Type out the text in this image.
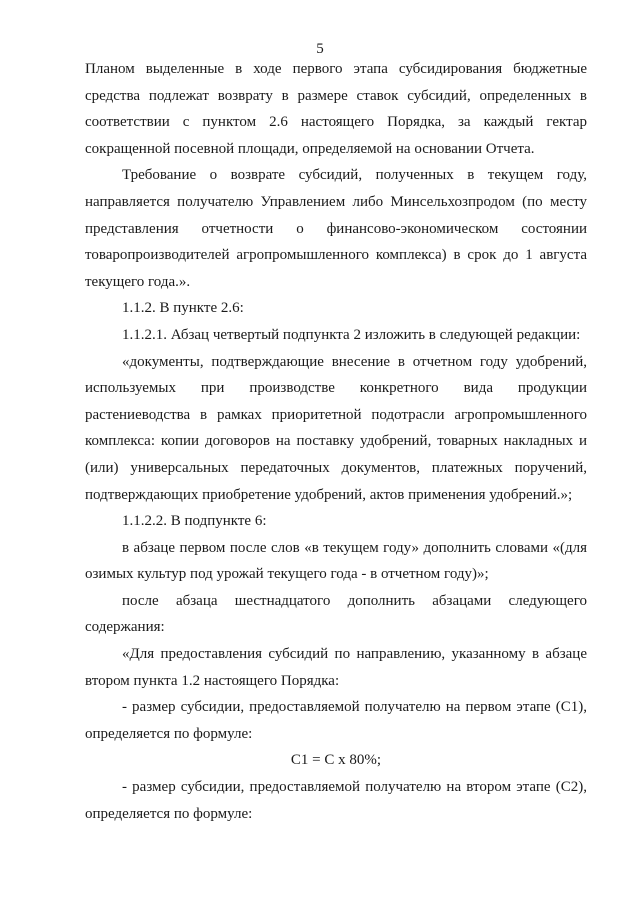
5

Планом выделенные в ходе первого этапа субсидирования бюджетные средства подлежат возврату в размере ставок субсидий, определенных в соответствии с пунктом 2.6 настоящего Порядка, за каждый гектар сокращенной посевной площади, определяемой на основании Отчета.

Требование о возврате субсидий, полученных в текущем году, направляется получателю Управлением либо Минсельхозпродом (по месту представления отчетности о финансово-экономическом состоянии товаропроизводителей агропромышленного комплекса) в срок до 1 августа текущего года.».

1.1.2. В пункте 2.6:

1.1.2.1. Абзац четвертый подпункта 2 изложить в следующей редакции:

«документы, подтверждающие внесение в отчетном году удобрений, используемых при производстве конкретного вида продукции растениеводства в рамках приоритетной подотрасли агропромышленного комплекса: копии договоров на поставку удобрений, товарных накладных и (или) универсальных передаточных документов, платежных поручений, подтверждающих приобретение удобрений, актов применения удобрений.»;

1.1.2.2. В подпункте 6:

в абзаце первом после слов «в текущем году» дополнить словами «(для озимых культур под урожай текущего года - в отчетном году)»;

после абзаца шестнадцатого дополнить абзацами следующего содержания:

«Для предоставления субсидий по направлению, указанному в абзаце втором пункта 1.2 настоящего Порядка:

- размер субсидии, предоставляемой получателю на первом этапе (С1), определяется по формуле:

С1 = С х 80%;

- размер субсидии, предоставляемой получателю на втором этапе (С2), определяется по формуле:
